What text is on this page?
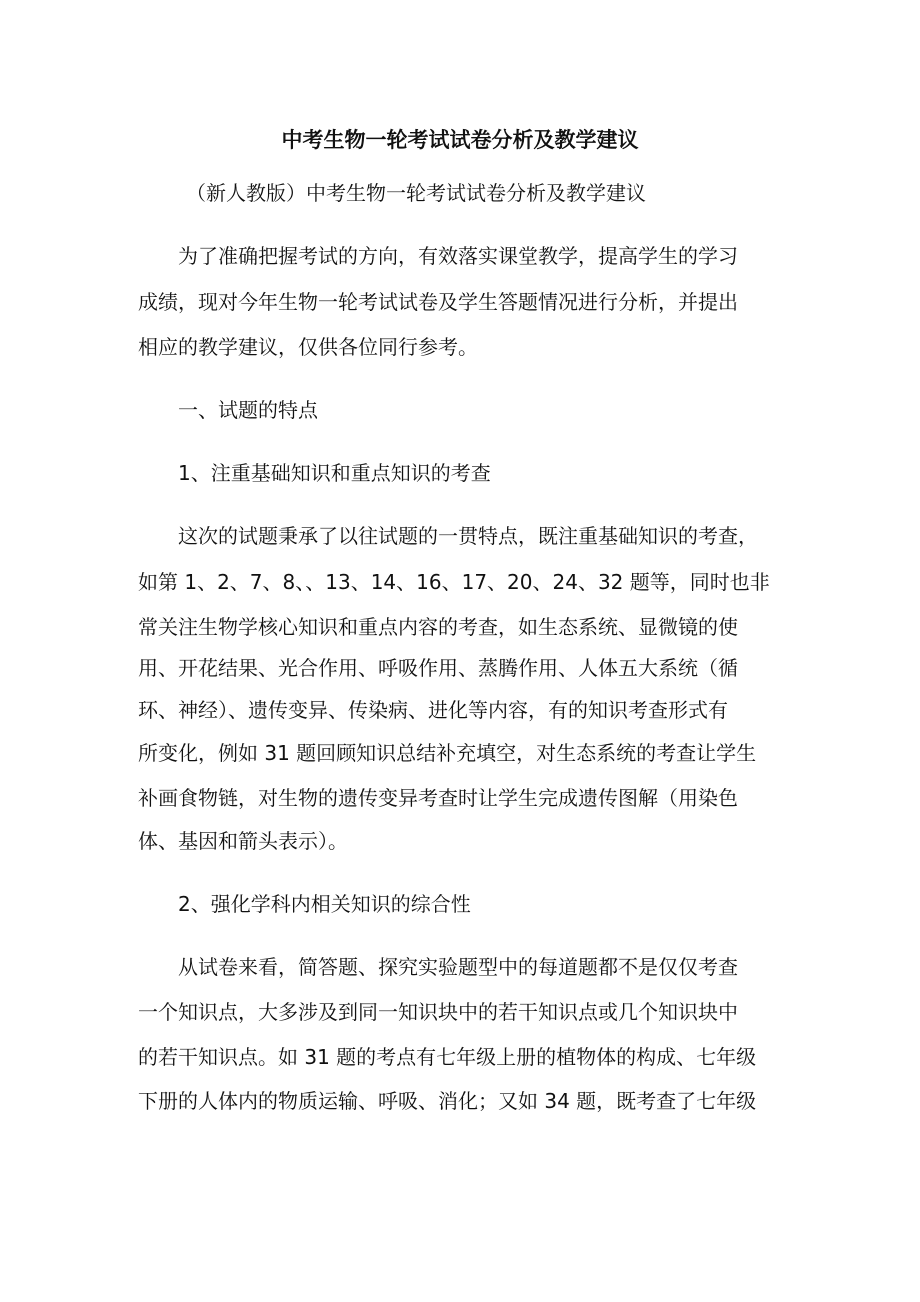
中考生物一轮考试试卷分析及教学建议
（新人教版）中考生物一轮考试试卷分析及教学建议
为了准确把握考试的方向，有效落实课堂教学，提高学生的学习
成绩，现对今年生物一轮考试试卷及学生答题情况进行分析，并提出
相应的教学建议，仅供各位同行参考。
一、试题的特点
1、注重基础知识和重点知识的考查
这次的试题秉承了以往试题的一贯特点，既注重基础知识的考查，
如第 1、2、7、8、、13、14、16、17、20、24、32 题等，同时也非
常关注生物学核心知识和重点内容的考查，如生态系统、显微镜的使
用、开花结果、光合作用、呼吸作用、蒸腾作用、人体五大系统（循
环、神经）、遗传变异、传染病、进化等内容，有的知识考查形式有
所变化，例如 31 题回顾知识总结补充填空，对生态系统的考查让学生
补画食物链，对生物的遗传变异考查时让学生完成遗传图解（用染色
体、基因和箭头表示）。
2、强化学科内相关知识的综合性
从试卷来看，简答题、探究实验题型中的每道题都不是仅仅考查
一个知识点，大多涉及到同一知识块中的若干知识点或几个知识块中
的若干知识点。如 31 题的考点有七年级上册的植物体的构成、七年级
下册的人体内的物质运输、呼吸、消化；又如 34 题，既考查了七年级
